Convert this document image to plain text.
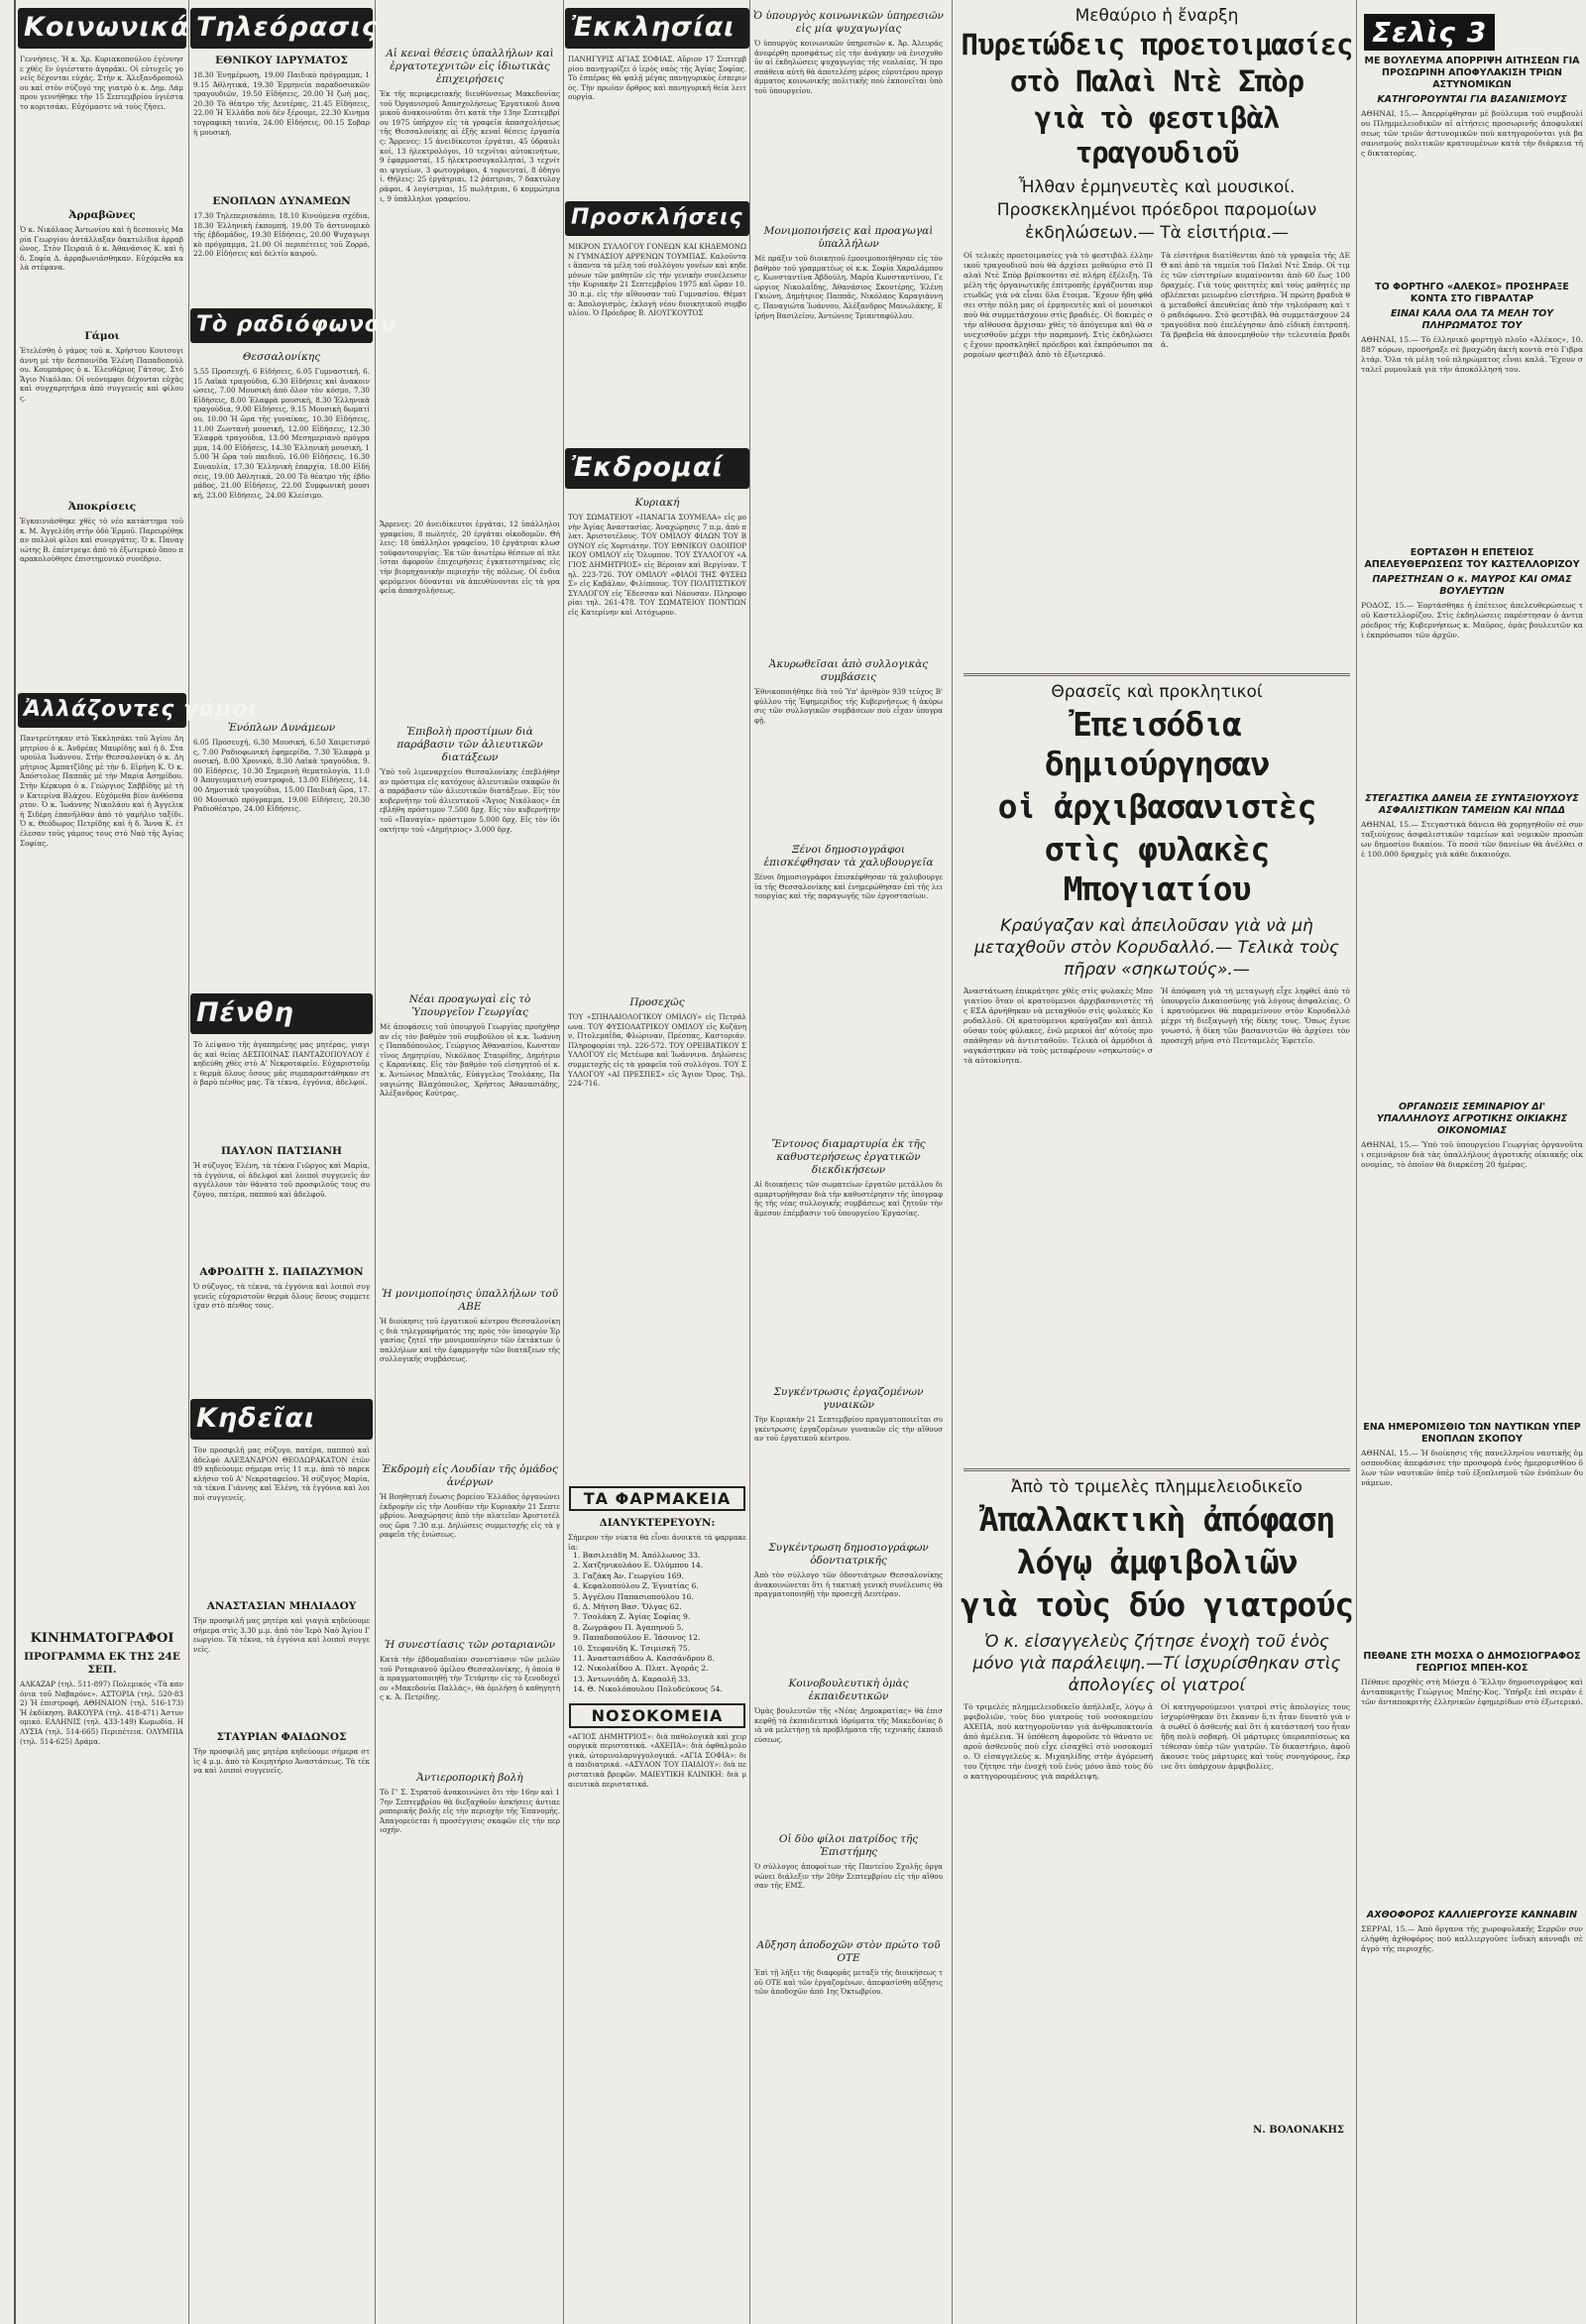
Κοινωνικά
Γεννήσεις. Ἡ κ. Χρ. Κυριακοπούλου ἐγέννησε χθὲς ἕν ὑγιέστατο ἀγοράκι. Οἱ εὐτυχεῖς γονεῖς δέχονται εὐχάς. Στὴν κ. Ἀλεξανδροπούλου καὶ στὸν σύζυγό της γιατρὸ ὁ κ. Δημ. Λάμπρου γεννήθηκε τὴν 15 Σεπτεμβρίου ὑγιέστατο κοριτσάκι. Εὐχόμαστε νὰ τοὺς ζήσει.
Ἀρραβῶνες
Ὁ κ. Νικόλαος Ἀντωνίου καὶ ἡ δεσποινὶς Μαρία Γεωργίου ἀντάλλαξαν δακτυλίδια ἀρραβῶνος. Στὸν Πειραιᾶ ὁ κ. Ἀθανάσιος Κ. καὶ ἡ δ. Σοφία Δ. ἀρραβωνιάσθηκαν. Εὐχόμεθα καλὰ στέφανα.
Γάμοι
Ἐτελέσθη ὁ γάμος τοῦ κ. Χρήστου Κουτσογιάννη μὲ τὴν δεσποινίδα Ἑλένη Παπαδοπούλου. Κουμπάρος ὁ κ. Ἐλευθέριος Γάτσος. Στὸ Ἅγιο Νικόλαο. Οἱ νεόνυμφοι δέχονται εὐχὰς καὶ συγχαρητήρια ἀπὸ συγγενεῖς καὶ φίλους.
Ἀποκρίσεις
Ἐγκαινιάσθηκε χθὲς τὸ νέο κατάστημα τοῦ κ. Μ. Ἀγγελίδη στὴν ὁδὸ Ἑρμοῦ. Παρευρέθηκαν πολλοὶ φίλοι καὶ συνεργάτες. Ὁ κ. Παναγιώτης Β. ἐπέστρεψε ἀπὸ τὸ ἐξωτερικὸ ὅπου παρακολούθησε ἐπιστημονικὸ συνέδριο.
Ἀλλάζοντες γάμοι
Παντρεύτηκαν στὸ Ἐκκλησάκι τοῦ Ἁγίου Δημητρίου ὁ κ. Ἀνδρέας Μαυρίδης καὶ ἡ δ. Σταυρούλα Ἰωάννου. Στὴν Θεσσαλονίκη ὁ κ. Δημήτριος Ἀμπατζίδης μὲ τὴν δ. Εἰρήνη Κ. Ὁ κ. Ἀπόστολος Παππᾶς μὲ τὴν Μαρία Ἀσημίδου. Στὴν Κέρκυρα ὁ κ. Γεώργιος Σαββίδης μὲ τὴν Κατερίνα Βλάχου. Εὐχόμεθα βίον ἀνθόσπαρτον. Ὁ κ. Ἰωάννης Νικολάου καὶ ἡ Ἀγγελικὴ Σιδέρη ἐπανῆλθαν ἀπὸ τὸ γαμήλιο ταξίδι. Ὁ κ. Θεόδωρος Πετρίδης καὶ ἡ δ. Ἄννα Κ. ἐτέλεσαν τοὺς γάμους τους στὸ Ναὸ τῆς Ἁγίας Σοφίας.
ΚΙΝΗΜΑΤΟΓΡΑΦΟΙ
ΠΡΟΓΡΑΜΜΑ ΕΚ ΤΗΣ 24Ε ΣΕΠ.
ΑΛΚΑΖΑΡ (τηλ. 511-897) Πολεμικός «Τὰ κανόνια τοῦ Ναβαρόνε». ΑΣΤΟΡΙΑ (τηλ. 520-832) Ἡ ἐπιστροφή. ΑΘΗΝΑΙΟΝ (τηλ. 516-173) Ἡ ἐκδίκηση. ΒΑΚΟΥΡΑ (τηλ. 418-471) Ἀστυνομικό. ΕΛΛΗΝΙΣ (τηλ. 433-149) Κωμωδία. ΗΛΥΣΙΑ (τηλ. 514-665) Περιπέτεια. ΟΛΥΜΠΙΑ (τηλ. 514-625) Δράμα.
Τηλεόρασις
ΕΘΝΙΚΟΥ ΙΔΡΥΜΑΤΟΣ
18.30 Ἐνημέρωση, 19.00 Παιδικὸ πρόγραμμα, 19.15 Ἀθλητικά, 19.30 Ἐρμηνεία παραδοσιακῶν τραγουδιῶν, 19.50 Εἰδήσεις, 20.00 Ἡ ζωὴ μας, 20.30 Τὸ θέατρο τῆς Δευτέρας, 21.45 Εἰδήσεις, 22.00 Ἡ Ἑλλάδα ποὺ δὲν ξέρουμε, 22.30 Κινηματογραφικὴ ταινία, 24.00 Εἰδήσεις, 00.15 Σοβαρὴ μουσική.
ΕΝΟΠΛΩΝ ΔΥΝΑΜΕΩΝ
17.30 Τηλεπερισκόπιο, 18.10 Κινούμενα σχέδια, 18.30 Ἑλληνικὴ ἐκπομπή, 19.00 Τὸ ἀστυνομικὸ τῆς ἑβδομάδος, 19.30 Εἰδήσεις, 20.00 Ψυχαγωγικὸ πρόγραμμα, 21.00 Οἱ περιπέτειες τοῦ Ζορρό, 22.00 Εἰδήσεις καὶ δελτίο καιροῦ.
Τὸ ραδιόφωνον
Θεσσαλονίκης
5.55 Προσευχή, 6 Εἰδήσεις, 6.05 Γυμναστική, 6.15 Λαϊκὰ τραγούδια, 6.30 Εἰδήσεις καὶ ἀνακοινώσεις, 7.00 Μουσικὴ ἀπὸ ὅλον τὸν κόσμο, 7.30 Εἰδήσεις, 8.00 Ἐλαφρὰ μουσική, 8.30 Ἑλληνικὰ τραγούδια, 9.00 Εἰδήσεις, 9.15 Μουσικὴ δωματίου, 10.00 Ἡ ὥρα τῆς γυναίκας, 10.30 Εἰδήσεις, 11.00 Ζωντανὴ μουσική, 12.00 Εἰδήσεις, 12.30 Ἐλαφρὰ τραγούδια, 13.00 Μεσημεριανὸ πρόγραμμα, 14.00 Εἰδήσεις, 14.30 Ἑλληνικὴ μουσική, 15.00 Ἡ ὥρα τοῦ παιδιοῦ, 16.00 Εἰδήσεις, 16.30 Συναυλία, 17.30 Ἑλληνικὴ ἐπαρχία, 18.00 Εἰδήσεις, 19.00 Ἀθλητικά, 20.00 Τὸ θέατρο τῆς ἑβδομάδος, 21.00 Εἰδήσεις, 22.00 Συμφωνικὴ μουσική, 23.00 Εἰδήσεις, 24.00 Κλείσιμο.
Ἐνόπλων Δυνάμεων
6.05 Προσευχή, 6.30 Μουσική, 6.50 Χαιρετισμός, 7.00 Ραδιοφωνικὴ ἐφημερίδα, 7.30 Ἐλαφρὰ μουσική, 8.00 Χρονικό, 8.30 Λαϊκὰ τραγούδια, 9.00 Εἰδήσεις, 10.30 Σημερινὴ θεματολογία, 11.00 Ἀπογευματινὴ συντροφιά, 13.00 Εἰδήσεις, 14.00 Δημοτικὰ τραγούδια, 15.00 Παιδικὴ ὥρα, 17.00 Μουσικὸ πρόγραμμα, 19.00 Εἰδήσεις, 20.30 Ραδιοθέατρο, 24.00 Εἰδήσεις.
Πένθη
Τὸ λείψανο τῆς ἀγαπημένης μας μητέρας, γιαγιᾶς καὶ θείας ΔΕΣΠΟΙΝΑΣ ΠΑΝΤΑΖΟΠΟΥΛΟΥ ἐκηδεύθη χθὲς στὸ Α' Νεκροταφεῖο. Εὐχαριστοῦμε θερμὰ ὅλους ὅσους μᾶς συμπαραστάθηκαν στὸ βαρὺ πένθος μας. Τὰ τέκνα, ἐγγόνια, ἀδελφοί.
ΠΑΥΛΟΝ ΠΑΤΣΙΑΝΗ
Ἡ σύζυγος Ἑλένη, τὰ τέκνα Γιῶργος καὶ Μαρία, τὰ ἐγγόνια, οἱ ἀδελφοὶ καὶ λοιποὶ συγγενεῖς ἀναγγέλλουν τὸν θάνατο τοῦ προσφιλοῦς τους συζύγου, πατέρα, παππού καὶ ἀδελφοῦ.
ΑΦΡΟΔΙΤΗ Σ. ΠΑΠΑΖΥΜΟΝ
Ὁ σύζυγος, τὰ τέκνα, τὰ ἐγγόνια καὶ λοιποὶ συγγενεῖς εὐχαριστοῦν θερμὰ ὅλους ὅσους συμμετεῖχαν στὸ πένθος τους.
Κηδεῖαι
Τὸν προσφιλῆ μας σύζυγο, πατέρα, παππού καὶ ἀδελφὸ ΑΛΕΞΑΝΔΡΟΝ ΘΕΟΔΩΡΑΚΑΤΟΝ ἐτῶν 89 κηδεύουμε σήμερα στὶς 11 π.μ. ἀπὸ τὸ παρεκκλήσιο τοῦ Α' Νεκροταφείου. Ἡ σύζυγος Μαρία, τὰ τέκνα Γιάννης καὶ Ἑλένη, τὰ ἐγγόνια καὶ λοιποὶ συγγενεῖς.
ΑΝΑΣΤΑΣΙΑΝ ΜΗΛΙΑΔΟΥ
Τὴν προσφιλῆ μας μητέρα καὶ γιαγιὰ κηδεύουμε σήμερα στὶς 3.30 μ.μ. ἀπὸ τὸν Ἱερὸ Ναὸ Ἁγίου Γεωργίου. Τὰ τέκνα, τὰ ἐγγόνια καὶ λοιποὶ συγγενεῖς.
ΣΤΑΥΡΙΑΝ ΦΑΙΔΩΝΟΣ
Τὴν προσφιλῆ μας μητέρα κηδεύουμε σήμερα στὶς 4 μ.μ. ἀπὸ τὸ Κοιμητήριο Ἀναστάσεως. Τὰ τέκνα καὶ λοιποὶ συγγενεῖς.
Αἱ κεναὶ θέσεις ὑπαλλήλων καὶ ἐργατοτεχνιτῶν εἰς ἰδιωτικὰς ἐπιχειρήσεις
Ἐκ τῆς περιφερειακῆς διευθύνσεως Μακεδονίας τοῦ Ὀργανισμοῦ Ἀπασχολήσεως Ἐργατικοῦ Δυναμικοῦ ἀνακοινοῦται ὅτι κατὰ τὴν 13ην Σεπτεμβρίου 1975 ὑπῆρχον εἰς τὰ γραφεῖα ἀπασχολήσεως τῆς Θεσσαλονίκης αἱ ἑξῆς κεναὶ θέσεις ἐργασίας: Ἄρρενες: 15 ἀνειδίκευτοι ἐργάται, 45 ὑδραυλικοί, 13 ἠλεκτρολόγοι, 10 τεχνῖται αὐτοκινήτων, 9 ἐφαρμοσταί, 15 ἠλεκτροσυγκολληταί, 3 τεχνίται ψυγείων, 3 φωτογράφοι, 4 τορνευταί, 8 ὁδηγοί. Θήλεις: 25 ἐργάτριαι, 12 ῥάπτριαι, 7 δακτυλογράφοι, 4 λογίστριαι, 15 πωλήτριαι, 6 κομμώτριαι, 9 ὑπάλληλοι γραφείου.
Ἄρρενες: 20 ἀνειδίκευτοι ἐργάται, 12 ὑπάλληλοι γραφείου, 8 πωλητές, 20 ἐργάται οἰκοδομῶν. Θήλεις: 18 ὑπάλληλοι γραφείου, 10 ἐργάτριαι κλωστοϋφαντουργίας. Ἐκ τῶν ἀνωτέρω θέσεων αἱ πλεῖσται ἀφοροῦν ἐπιχειρήσεις ἐγκατεστημένας εἰς τὴν βιομηχανικὴν περιοχὴν τῆς πόλεως. Οἱ ἐνδιαφερόμενοι δύνανται νὰ ἀπευθύνονται εἰς τὰ γραφεῖα ἀπασχολήσεως.
Ἐπιβολὴ προστίμων διὰ παράβασιν τῶν ἀλιευτικῶν διατάξεων
Ὑπὸ τοῦ λιμεναρχείου Θεσσαλονίκης ἐπεβλήθησαν πρόστιμα εἰς κατόχους ἀλιευτικῶν σκαφῶν διὰ παράβασιν τῶν ἀλιευτικῶν διατάξεων. Εἰς τὸν κυβερνήτην τοῦ ἀλιευτικοῦ «Ἅγιος Νικόλαος» ἐπεβλήθη πρόστιμον 7.500 δρχ. Εἰς τὸν κυβερνήτην τοῦ «Παναγία» πρόστιμον 5.000 δρχ. Εἰς τὸν ἰδιοκτήτην τοῦ «Δημήτριος» 3.000 δρχ.
Νέαι προαγωγαὶ εἰς τὸ Ὑπουργεῖον Γεωργίας
Μὲ ἀποφάσεις τοῦ ὑπουργοῦ Γεωργίας προήχθησαν εἰς τὸν βαθμὸν τοῦ συμβούλου οἱ κ.κ. Ἰωάννης Παπαδόπουλος, Γεώργιος Ἀθανασίου, Κωνσταντῖνος Δημητρίου, Νικόλαος Σταυρίδης, Δημήτριος Καρανίκας. Εἰς τὸν βαθμὸν τοῦ εἰσηγητοῦ οἱ κ.κ. Ἀντώνιος Μπαλτᾶς, Εὐάγγελος Τσολάκης, Παναγιώτης Βλαχόπουλος, Χρῆστος Ἀθανασιάδης, Ἀλέξανδρος Κούτρας.
Ἡ μονιμοποίησις ὑπαλλήλων τοῦ ΑΒΕ
Ἡ διοίκησις τοῦ ἐργατικοῦ κέντρου Θεσσαλονίκης διὰ τηλεγραφήματός της πρὸς τὸν ὑπουργὸν Ἐργασίας ζητεῖ τὴν μονιμοποίησιν τῶν ἐκτάκτων ὑπαλλήλων καὶ τὴν ἐφαρμογὴν τῶν διατάξεων τῆς συλλογικῆς συμβάσεως.
Ἐκδρομὴ εἰς Λουδίαν τῆς ὁμάδος ἀνέργων
Ἡ Βοηθητικὴ ἕνωσις βορείου Ἑλλάδος ὀργανώνει ἐκδρομὴν εἰς τὴν Λουδίαν τὴν Κυριακὴν 21 Σεπτεμβρίου. Ἀναχώρησις ἀπὸ τὴν πλατεῖαν Ἀριστοτέλους ὥρα 7.30 π.μ. Δηλώσεις συμμετοχῆς εἰς τὰ γραφεῖα τῆς ἑνώσεως.
Ἡ συνεστίασις τῶν ροταριανῶν
Κατὰ τὴν ἐβδομαδιαίαν συνεστίασιν τῶν μελῶν τοῦ Ροταριανοῦ ὁμίλου Θεσσαλονίκης, ἡ ὁποία θὰ πραγματοποιηθῇ τὴν Τετάρτην εἰς τὸ ξενοδοχεῖον «Μακεδονία Παλλάς», θὰ ὁμιλήσῃ ὁ καθηγητὴς κ. Ἀ. Πετρίδης.
Ἀντιεροπορικὴ βολὴ
Τὸ Γ' Σ. Στρατοῦ ἀνακοινώνει ὅτι τὴν 16ην καὶ 17ην Σεπτεμβρίου θὰ διεξαχθοῦν ἀσκήσεις ἀντιαεροπορικῆς βολῆς εἰς τὴν περιοχὴν τῆς Ἐπανομῆς. Ἀπαγορεύεται ἡ προσέγγισις σκαφῶν εἰς τὴν περιοχήν.
Ἐκκλησίαι
ΠΑΝΗΓΥΡΙΣ ΑΓΙΑΣ ΣΟΦΙΑΣ. Αὔριον 17 Σεπτεμβρίου πανηγυρίζει ὁ ἱερὸς ναὸς τῆς Ἁγίας Σοφίας. Τὸ ἑσπέρας θὰ ψαλῇ μέγας πανηγυρικὸς ἑσπερινὸς. Τὴν πρωίαν ὄρθρος καὶ πανηγυρικὴ θεία λειτουργία.
Προσκλήσεις
ΜΙΚΡΟΝ ΣΥΛΛΟΓΟΥ ΓΟΝΕΩΝ ΚΑΙ ΚΗΔΕΜΟΝΩΝ ΓΥΜΝΑΣΙΟΥ ΑΡΡΕΝΩΝ ΤΟΥΜΠΑΣ. Καλοῦνται ἅπαντα τὰ μέλη τοῦ συλλόγου γονέων καὶ κηδεμόνων τῶν μαθητῶν εἰς τὴν γενικὴν συνέλευσιν τὴν Κυριακὴν 21 Σεπτεμβρίου 1975 καὶ ὥραν 10.30 π.μ. εἰς τὴν αἴθουσαν τοῦ Γυμνασίου. Θέματα: Ἀπολογισμὸς, ἐκλογὴ νέου διοικητικοῦ συμβουλίου. Ὁ Πρόεδρος Β. ΛΙΟΥΓΚΟΥΤΟΣ
Ἐκδρομαί
Κυριακή
ΤΟΥ ΣΩΜΑΤΕΙΟΥ «ΠΑΝΑΓΙΑ ΣΟΥΜΕΛΑ» εἰς μονὴν Ἁγίας Ἀναστασίας. Ἀναχώρησις 7 π.μ. ἀπὸ πλατ. Ἀριστοτέλους. ΤΟΥ ΟΜΙΛΟΥ ΦΙΛΩΝ ΤΟΥ ΒΟΥΝΟΥ εἰς Χορτιάτην. ΤΟΥ ΕΘΝΙΚΟΥ ΟΔΟΙΠΟΡΙΚΟΥ ΟΜΙΛΟΥ εἰς Ὄλυμπον. ΤΟΥ ΣΥΛΛΟΓΟΥ «ΑΓΙΟΣ ΔΗΜΗΤΡΙΟΣ» εἰς Βέροιαν καὶ Βεργίναν. Τηλ. 223-726. ΤΟΥ ΟΜΙΛΟΥ «ΦΙΛΟΙ ΤΗΣ ΦΥΣΕΩΣ» εἰς Καβάλαν, Φιλίππους. ΤΟΥ ΠΟΛΙΤΙΣΤΙΚΟΥ ΣΥΛΛΟΓΟΥ εἰς Ἔδεσσαν καὶ Νάουσαν. Πληροφορίαι τηλ. 261-478. ΤΟΥ ΣΩΜΑΤΕΙΟΥ ΠΟΝΤΙΩΝ εἰς Κατερίνην καὶ Λιτόχωρον.
Προσεχῶς
ΤΟΥ «ΣΠΗΛΑΙΟΛΟΓΙΚΟΥ ΟΜΙΛΟΥ» εἰς Πετράλωνα. ΤΟΥ ΦΥΣΙΟΛΑΤΡΙΚΟΥ ΟΜΙΛΟΥ εἰς Κοζάνην, Πτολεμαΐδα, Φλώριναν, Πρέσπας, Καστοριάν. Πληροφορίαι τηλ. 226-572. ΤΟΥ ΟΡΕΙΒΑΤΙΚΟΥ ΣΥΛΛΟΓΟΥ εἰς Μετέωρα καὶ Ἰωάννινα. Δηλώσεις συμμετοχῆς εἰς τὰ γραφεῖα τοῦ συλλόγου. ΤΟΥ ΣΥΛΛΟΓΟΥ «ΑΙ ΠΡΕΣΠΕΣ» εἰς Ἄγιον Ὄρος. Τηλ. 224-716.
ΤΑ ΦΑΡΜΑΚΕΙΑ
ΔΙΑΝΥΚΤΕΡΕΥΟΥΝ:
Σήμερον τὴν νύκτα θὰ εἶναι ἀνοικτὰ τὰ φαρμακεῖα:
1. Βασιλειάδη Μ. Ἀπόλλωνος 33.
2. Χατζηνικολάου Ε. Ὀλύμπου 14.
3. Γαζάκη Ἀν. Γεωργίου 169.
4. Κεφαλοπούλου Ζ. Ἐγνατίας 6.
5. Ἀγγέλου Παπασιοπούλου 16.
6. Δ. Μήτση Βασ. Ὄλγας 62.
7. Τσολάκη Ζ. Ἁγίας Σοφίας 9.
8. Ζωγράφου Π. Ἀγαπηνοῦ 5.
9. Παπαδοπούλου Ε. Ἰάσονος 12.
10. Στεφανίδη Κ. Τσιμισκῆ 75.
11. Ἀναστασιάδου Α. Κασσάνδρου 8.
12. Νικολαΐδου Α. Πλατ. Ἀγορᾶς 2.
13. Ἀντωνιάδη Δ. Καραολῆ 33.
14. Θ. Νικολόπουλου Πολυδεύκους 54.
ΝΟΣΟΚΟΜΕΙΑ
«ΑΓΙΟΣ ΔΗΜΗΤΡΙΟΣ»: διὰ παθολογικὰ καὶ χειρουργικὰ περιστατικά. «ΑΧΕΠΑ»: διὰ ὀφθαλμολογικὰ, ὠτορινολαρυγγολογικά. «ΑΓΙΑ ΣΟΦΙΑ»: διὰ παιδιατρικά. «ΑΣΥΛΟΝ ΤΟΥ ΠΑΙΔΙΟΥ»: διὰ περιστατικὰ βρεφῶν. ΜΑΙΕΥΤΙΚΗ ΚΛΙΝΙΚΗ: διὰ μαιευτικὰ περιστατικά.
Ὁ ὑπουργὸς κοινωνικῶν ὑπηρεσιῶν εἰς μία ψυχαγωγίας
Ὁ ὑπουργὸς κοινωνικῶν ὑπηρεσιῶν κ. Ἀρ. Ἀλευρᾶς ἀνεφέρθη προσφάτως εἰς τὴν ἀνάγκην νὰ ἐνισχυθοῦν αἱ ἐκδηλώσεις ψυχαγωγίας τῆς νεολαίας. Ἡ προσπάθεια αὐτὴ θὰ ἀποτελέσῃ μέρος εὐρυτέρου προγράμματος κοινωνικῆς πολιτικῆς ποὺ ἐκπονεῖται ὑπὸ τοῦ ὑπουργείου.
Μονιμοποιήσεις καὶ προαγωγαὶ ὑπαλλήλων
Μὲ πράξιν τοῦ διοικητοῦ ἐμονιμοποιήθησαν εἰς τὸν βαθμὸν τοῦ γραμματέως οἱ κ.κ. Σοφία Χαραλάμπους, Κωνσταντῖνα Ἀβδούλη, Μαρία Κωνσταντίνου, Γεώργιος Νικολαΐδης, Ἀθανάσιος Σκουτέρης, Ἑλένη Γκιώνη, Δημήτριος Παππᾶς, Νικόλαος Καραγιάννης, Παναγιώτα Ἰωάννου, Ἀλέξανδρος Μανωλάκης, Εἰρήνη Βασιλείου, Ἀντώνιος Τριανταφύλλου.
Ἀκυρωθεῖσαι ἀπὸ συλλογικὰς συμβάσεις
Ἐθνικοποιήθηκε διὰ τοῦ Ὑπ' ἀριθμὸν 939 τεῦχος Β' φύλλου τῆς Ἐφημερίδος τῆς Κυβερνήσεως ἡ ἀκύρωσις τῶν συλλογικῶν συμβάσεων ποὺ εἶχαν ὑπογραφῇ.
Ξένοι δημοσιογράφοι ἐπισκέφθησαν τὰ χαλυβουργεῖα
Ξένοι δημοσιογράφοι ἐπισκέφθησαν τὰ χαλυβουργεῖα τῆς Θεσσαλονίκης καὶ ἐνημερώθησαν ἐπὶ τῆς λειτουργίας καὶ τῆς παραγωγῆς τῶν ἐργοστασίων.
Ἔντονος διαμαρτυρία ἐκ τῆς καθυστερήσεως ἐργατικῶν διεκδικήσεων
Αἱ διοικήσεις τῶν σωματείων ἐργατῶν μετάλλου διαμαρτυρήθησαν διὰ τὴν καθυστέρησιν τῆς ὑπογραφῆς τῆς νέας συλλογικῆς συμβάσεως καὶ ζητοῦν τὴν ἄμεσον ἐπέμβασιν τοῦ ὑπουργείου Ἐργασίας.
Συγκέντρωσις ἐργαζομένων γυναικῶν
Τὴν Κυριακὴν 21 Σεπτεμβρίου πραγματοποιεῖται συγκέντρωσις ἐργαζομένων γυναικῶν εἰς τὴν αἴθουσαν τοῦ ἐργατικοῦ κέντρου.
Συγκέντρωση δημοσιογράφων ὀδοντιατρικῆς
Ἀπὸ τὸν σύλλογο τῶν ὀδοντιάτρων Θεσσαλονίκης ἀνακοινώνεται ὅτι ἡ τακτικὴ γενικὴ συνέλευσις θὰ πραγματοποιηθῇ τὴν προσεχῆ Δευτέραν.
Κοινοβουλευτικὴ ὁμὰς ἐκπαιδευτικῶν
Ὁμὰς βουλευτῶν τῆς «Νέας Δημοκρατίας» θὰ ἐπισκεφθῇ τὰ ἐκπαιδευτικὰ ἱδρύματα τῆς Μακεδονίας διὰ νὰ μελετήσῃ τὰ προβλήματα τῆς τεχνικῆς ἐκπαιδεύσεως.
Οἱ δὺο φίλοι πατρίδος τῆς Ἐπιστήμης
Ὁ σύλλογος ἀποφοίτων τῆς Παντείου Σχολῆς ὀργανώνει διάλεξιν τὴν 20ὴν Σεπτεμβρίου εἰς τὴν αἴθουσαν τῆς ΕΜΣ.
Αὔξηση ἀποδοχῶν στὸν πρώτο τοῦ ΟΤΕ
Ἐπὶ τῇ λήξει τῆς διαφορᾶς μεταξὺ τῆς διοικήσεως τοῦ ΟΤΕ καὶ τῶν ἐργαζομένων, ἀπεφασίσθη αὔξησις τῶν ἀποδοχῶν ἀπὸ 1ης Ὀκτωβρίου.
Μεθαύριο ἡ ἔναρξη
Πυρετώδεις προετοιμασίες
στὸ Παλαὶ Ντὲ Σπὸρ
γιὰ τὸ φεστιβὰλ τραγουδιοῦ
Ἦλθαν ἑρμηνευτὲς καὶ μουσικοί. Προσκεκλημένοι πρόεδροι παρομοίων ἐκδηλώσεων.— Τὰ εἰσιτήρια.—
Οἱ τελικὲς προετοιμασίες γιὰ τὸ φεστιβὰλ ἑλληνικοῦ τραγουδιοῦ ποὺ θὰ ἀρχίσει μεθαύριο στὸ Παλαὶ Ντὲ Σπὸρ βρίσκονται σὲ πλήρη ἐξέλιξη. Τὰ μέλη τῆς ὀργανωτικῆς ἐπιτροπῆς ἐργάζονται πυρετωδῶς γιὰ νὰ εἶναι ὅλα ἕτοιμα. Ἔχουν ἤδη φθάσει στὴν πόλη μας οἱ ἑρμηνευτὲς καὶ οἱ μουσικοὶ ποὺ θὰ συμμετάσχουν στὶς βραδιές. Οἱ δοκιμὲς στὴν αἴθουσα ἄρχισαν χθὲς τὸ ἀπόγευμα καὶ θὰ συνεχισθοῦν μέχρι τὴν παραμονή. Στὶς ἐκδηλώσεις ἔχουν προσκληθεῖ πρόεδροι καὶ ἐκπρόσωποι παρομοίων φεστιβὰλ ἀπὸ τὸ ἐξωτερικό.
Τὰ εἰσιτήρια διατίθενται ἀπὸ τὰ γραφεῖα τῆς ΔΕΘ καὶ ἀπὸ τὰ ταμεῖα τοῦ Παλαὶ Ντὲ Σπόρ. Οἱ τιμὲς τῶν εἰσιτηρίων κυμαίνονται ἀπὸ 60 ἕως 100 δραχμές. Γιὰ τοὺς φοιτητὲς καὶ τοὺς μαθητὲς προβλέπεται μειωμένο εἰσιτήριο. Ἡ πρώτη βραδιὰ θὰ μεταδοθεῖ ἀπευθείας ἀπὸ τὴν τηλεόραση καὶ τὸ ραδιόφωνο. Στὸ φεστιβὰλ θὰ συμμετάσχουν 24 τραγούδια ποὺ ἐπελέγησαν ἀπὸ εἰδικὴ ἐπιτροπή. Τὰ βραβεῖα θὰ ἀπονεμηθοῦν τὴν τελευταία βραδιά.
Θρασεῖς καὶ προκλητικοί
Ἐπεισόδια δημιούργησαν
οἱ ἀρχιβασανιστὲς
στὶς φυλακὲς Μπογιατίου
Κραύγαζαν καὶ ἀπειλοῦσαν γιὰ νὰ μὴ μεταχθοῦν στὸν Κορυδαλλό.— Τελικὰ τοὺς πῆραν «σηκωτούς».—
Ἀναστάτωση ἐπικράτησε χθὲς στὶς φυλακὲς Μπογιατίου ὅταν οἱ κρατούμενοι ἀρχιβασανιστὲς τῆς ΕΣΑ ἀρνήθηκαν νὰ μεταχθοῦν στὶς φυλακὲς Κορυδαλλοῦ. Οἱ κρατούμενοι κραύγαζαν καὶ ἀπειλοῦσαν τοὺς φύλακες, ἐνῶ μερικοὶ ἀπ' αὐτοὺς προσπάθησαν νὰ ἀντισταθοῦν. Τελικὰ οἱ ἀρμόδιοι ἀναγκάστηκαν νὰ τοὺς μεταφέρουν «σηκωτούς» στὰ αὐτοκίνητα.
Ἡ ἀπόφαση γιὰ τὴ μεταγωγὴ εἶχε ληφθεῖ ἀπὸ τὸ ὑπουργεῖο Δικαιοσύνης γιὰ λόγους ἀσφαλείας. Οἱ κρατούμενοι θὰ παραμείνουν στὸν Κορυδαλλὸ μέχρι τὴ διεξαγωγὴ τῆς δίκης τους. Ὅπως ἔγινε γνωστό, ἡ δίκη τῶν βασανιστῶν θὰ ἀρχίσει τὸν προσεχῆ μῆνα στὸ Πενταμελὲς Ἐφετεῖο.
Ἀπὸ τὸ τριμελὲς πλημμελειοδικεῖο
Ἀπαλλακτικὴ ἀπόφαση
λόγῳ ἀμφιβολιῶν
γιὰ τοὺς δύο γιατρούς
Ὁ κ. εἰσαγγελεὺς ζήτησε ἐνοχὴ τοῦ ἑνὸς μόνο γιὰ παράλειψη.—Τί ἰσχυρίσθηκαν στὶς ἀπολογίες οἱ γιατροί
Τὸ τριμελὲς πλημμελειοδικεῖο ἀπήλλαξε, λόγῳ ἀμφιβολιῶν, τοὺς δύο γιατροὺς τοῦ νοσοκομείου ΑΧΕΠΑ, ποὺ κατηγοροῦνταν γιὰ ἀνθρωποκτονία ἀπὸ ἀμέλεια. Ἡ ὑπόθεση ἀφοροῦσε τὸ θάνατο νεαροῦ ἀσθενοῦς ποὺ εἶχε εἰσαχθεῖ στὸ νοσοκομεῖο. Ὁ εἰσαγγελεὺς κ. Μιχαηλίδης στὴν ἀγόρευσή του ζήτησε τὴν ἐνοχὴ τοῦ ἑνὸς μόνο ἀπὸ τοὺς δύο κατηγορουμένους γιὰ παράλειψη.
Οἱ κατηγορούμενοι γιατροὶ στὶς ἀπολογίες τους ἰσχυρίσθηκαν ὅτι ἔκαναν ὅ,τι ἦταν δυνατὸ γιὰ νὰ σωθεῖ ὁ ἀσθενής καὶ ὅτι ἡ κατάστασή του ἦταν ἤδη πολὺ σοβαρή. Οἱ μάρτυρες ὑπερασπίσεως κατέθεσαν ὑπὲρ τῶν γιατρῶν. Τὸ δικαστήριο, ἀφοῦ ἄκουσε τοὺς μάρτυρες καὶ τοὺς συνηγόρους, ἔκρινε ὅτι ὑπάρχουν ἀμφιβολίες.
Ν. ΒΟΛΟΝΑΚΗΣ
Σελὶς 3
ΜΕ ΒΟΥΛΕΥΜΑ ΑΠΟΡΡΙΨΗ ΑΙΤΗΣΕΩΝ ΓΙΑ ΠΡΟΣΩΡΙΝΗ ΑΠΟΦΥΛΑΚΙΣΗ ΤΡΙΩΝ ΑΣΤΥΝΟΜΙΚΩΝ
ΚΑΤΗΓΟΡΟΥΝΤΑΙ ΓΙΑ ΒΑΣΑΝΙΣΜΟΥΣ
ΑΘΗΝΑΙ, 15.— Ἀπερρίφθησαν μὲ βούλευμα τοῦ συμβουλίου Πλημμελειοδικῶν αἱ αἰτήσεις προσωρινῆς ἀποφυλακίσεως τῶν τριῶν ἀστυνομικῶν ποὺ κατηγοροῦνται γιὰ βασανισμοὺς πολιτικῶν κρατουμένων κατὰ τὴν διάρκεια τῆς δικτατορίας.
ΤΟ ΦΟΡΤΗΓΟ «ΑΛΕΚΟΣ» ΠΡΟΣΗΡΑΞΕ ΚΟΝΤΑ ΣΤΟ ΓΙΒΡΑΛΤΑΡ
ΕΙΝΑΙ ΚΑΛΑ ΟΛΑ ΤΑ ΜΕΛΗ ΤΟΥ ΠΛΗΡΩΜΑΤΟΣ ΤΟΥ
ΑΘΗΝΑΙ, 15.— Τὸ ἑλληνικὸ φορτηγὸ πλοῖο «Ἀλέκος», 10.887 κόρων, προσήραξε σὲ βραχώδη ἀκτὴ κοντὰ στὸ Γιβραλτάρ. Ὅλα τὰ μέλη τοῦ πληρώματος εἶναι καλά. Ἔχουν σταλεῖ ρυμουλκὰ γιὰ τὴν ἀποκόλλησή του.
ΕΟΡΤΑΣΘΗ Η ΕΠΕΤΕΙΟΣ ΑΠΕΛΕΥΘΕΡΩΣΕΩΣ ΤΟΥ ΚΑΣΤΕΛΛΟΡΙΖΟΥ
ΠΑΡΕΣΤΗΣΑΝ Ο κ. ΜΑΥΡΟΣ ΚΑΙ ΟΜΑΣ ΒΟΥΛΕΥΤΩΝ
ΡΟΔΟΣ, 15.— Ἑορτάσθηκε ἡ ἐπέτειος ἀπελευθερώσεως τοῦ Καστελλορίζου. Στὶς ἐκδηλώσεις παρέστησαν ὁ ἀντιπρόεδρος τῆς Κυβερνήσεως κ. Μαῦρος, ὁμὰς βουλευτῶν καὶ ἐκπρόσωποι τῶν ἀρχῶν.
ΣΤΕΓΑΣΤΙΚΑ ΔΑΝΕΙΑ ΣΕ ΣΥΝΤΑΞΙΟΥΧΟΥΣ ΑΣΦΑΛΙΣΤΙΚΩΝ ΤΑΜΕΙΩΝ ΚΑΙ ΝΠΔΔ
ΑΘΗΝΑΙ, 15.— Στεγαστικὰ δάνεια θὰ χορηγηθοῦν σὲ συνταξιούχους ἀσφαλιστικῶν ταμείων καὶ νομικῶν προσώπων δημοσίου δικαίου. Τὸ ποσὸ τῶν δανείων θὰ ἀνέλθει σὲ 100.000 δραχμὲς γιὰ κάθε δικαιοῦχο.
ΟΡΓΑΝΩΣΙΣ ΣΕΜΙΝΑΡΙΟΥ ΔΙ' ΥΠΑΛΛΗΛΟΥΣ ΑΓΡΟΤΙΚΗΣ ΟΙΚΙΑΚΗΣ ΟΙΚΟΝΟΜΙΑΣ
ΑΘΗΝΑΙ, 15.— Ὑπὸ τοῦ ὑπουργείου Γεωργίας ὀργανοῦται σεμινάριον διὰ τὰς ὑπαλλήλους ἀγροτικῆς οἰκιακῆς οἰκονομίας, τὸ ὁποῖον θὰ διαρκέσῃ 20 ἡμέρας.
ΕΝΑ ΗΜΕΡΟΜΙΣΘΙΟ ΤΩΝ ΝΑΥΤΙΚΩΝ ΥΠΕΡ ΕΝΟΠΛΩΝ ΣΚΟΠΟΥ
ΑΘΗΝΑΙ, 15.— Ἡ διοίκησις τῆς πανελληνίου ναυτικῆς ὁμοσπονδίας ἀπεφάσισε τὴν προσφορὰ ἑνὸς ἡμερομισθίου ὅλων τῶν ναυτικῶν ὑπὲρ τοῦ ἐξοπλισμοῦ τῶν ἐνόπλων δυνάμεων.
ΠΕΘΑΝΕ ΣΤΗ ΜΟΣΧΑ Ο ΔΗΜΟΣΙΟΓΡΑΦΟΣ ΓΕΩΡΓΙΟΣ ΜΠΕΗ-ΚΟΣ
Πέθανε προχθὲς στὴ Μόσχα ὁ Ἕλλην δημοσιογράφος καὶ ἀνταποκριτὴς Γεώργιος Μπέης-Κος. Ὑπῆρξε ἐπὶ σειρὰν ἐτῶν ἀνταποκριτὴς ἑλληνικῶν ἐφημερίδων στὸ ἐξωτερικό.
ΑΧΘΟΦΟΡΟΣ ΚΑΛΛΙΕΡΓΟΥΣΕ ΚΑΝΝΑΒΙΝ
ΣΕΡΡΑΙ, 15.— Ἀπὸ ὄργανα τῆς χωροφυλακῆς Σερρῶν συνελήφθη ἀχθοφόρος ποὺ καλλιεργοῦσε ἰνδικὴ κάνναβι σὲ ἀγρὸ τῆς περιοχῆς.
